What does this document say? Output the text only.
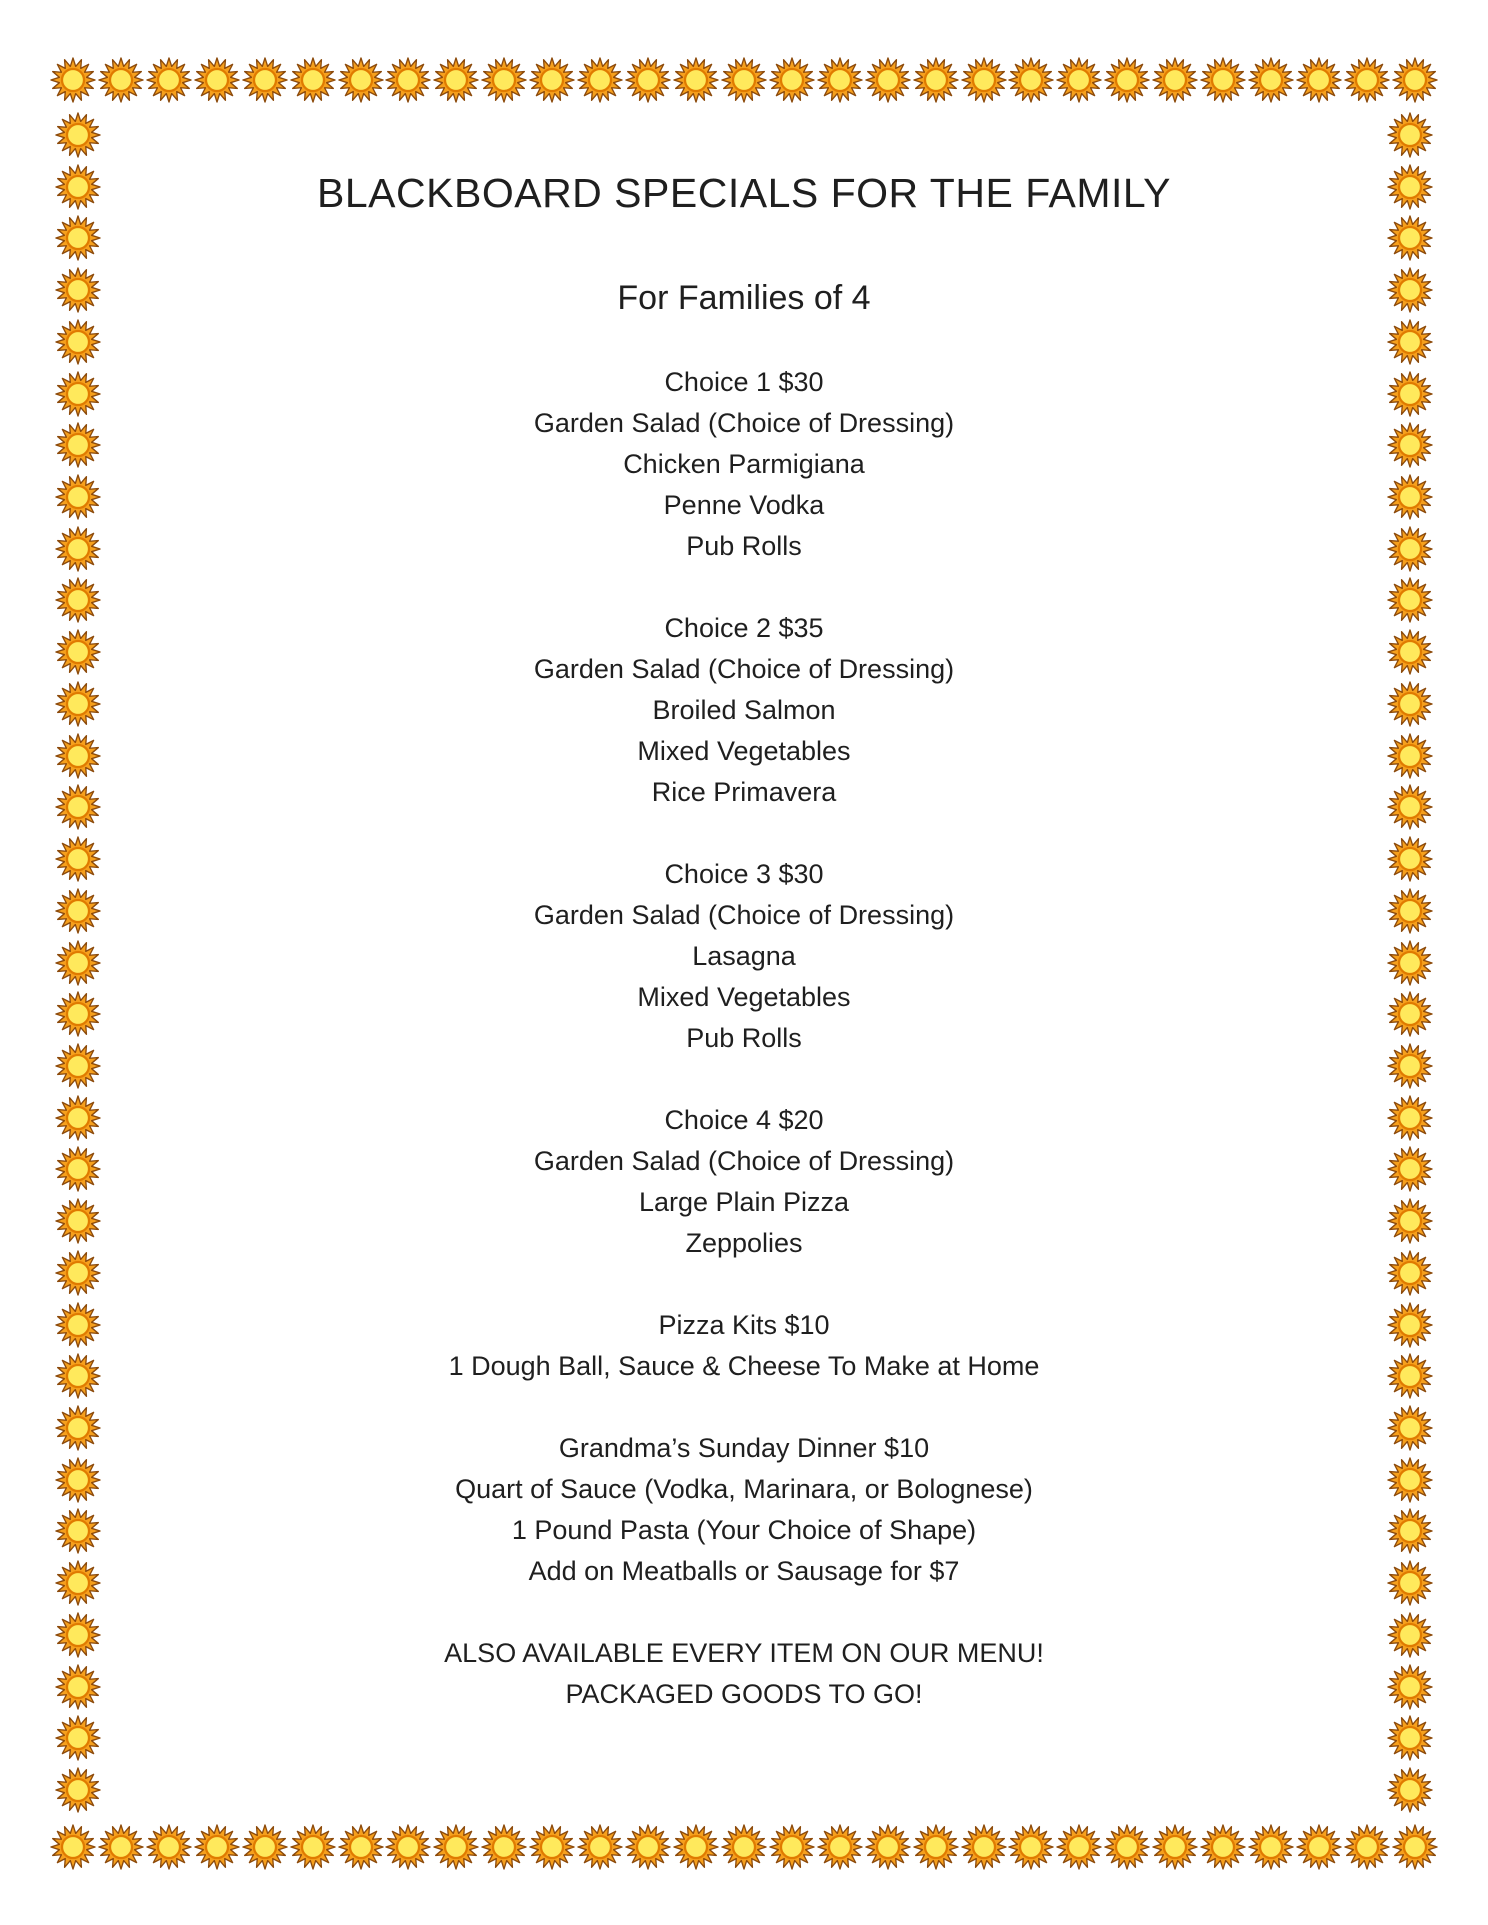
BLACKBOARD SPECIALS FOR THE FAMILY
For Families of 4
Choice 1 $30
Garden Salad (Choice of Dressing)
Chicken Parmigiana
Penne Vodka
Pub Rolls
Choice 2 $35
Garden Salad (Choice of Dressing)
Broiled Salmon
Mixed Vegetables
Rice Primavera
Choice 3 $30
Garden Salad (Choice of Dressing)
Lasagna
Mixed Vegetables
Pub Rolls
Choice 4 $20
Garden Salad (Choice of Dressing)
Large Plain Pizza
Zeppolies
Pizza Kits $10
1 Dough Ball, Sauce & Cheese To Make at Home
Grandma’s Sunday Dinner $10
Quart of Sauce (Vodka, Marinara, or Bolognese)
1 Pound Pasta (Your Choice of Shape)
Add on Meatballs or Sausage for $7
ALSO AVAILABLE EVERY ITEM ON OUR MENU!
PACKAGED GOODS TO GO!
